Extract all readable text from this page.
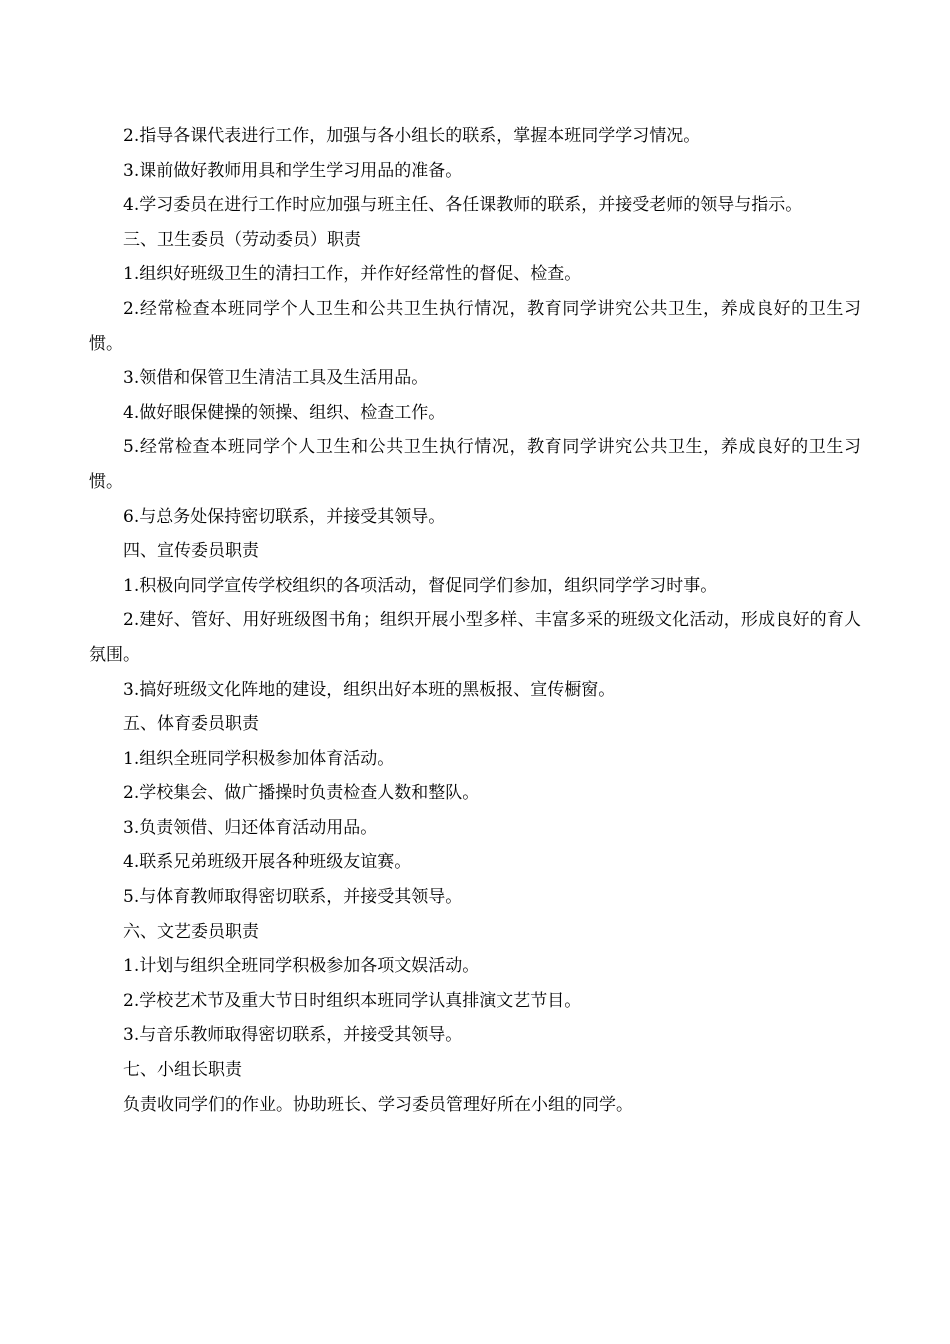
2.指导各课代表进行工作，加强与各小组长的联系，掌握本班同学学习情况。

3.课前做好教师用具和学生学习用品的准备。

4.学习委员在进行工作时应加强与班主任、各任课教师的联系，并接受老师的领导与指示。

三、卫生委员（劳动委员）职责

1.组织好班级卫生的清扫工作，并作好经常性的督促、检查。

2.经常检查本班同学个人卫生和公共卫生执行情况，教育同学讲究公共卫生，养成良好的卫生习惯。

3.领借和保管卫生清洁工具及生活用品。

4.做好眼保健操的领操、组织、检查工作。

5.经常检查本班同学个人卫生和公共卫生执行情况，教育同学讲究公共卫生，养成良好的卫生习惯。

6.与总务处保持密切联系，并接受其领导。

四、宣传委员职责

1.积极向同学宣传学校组织的各项活动，督促同学们参加，组织同学学习时事。

2.建好、管好、用好班级图书角；组织开展小型多样、丰富多采的班级文化活动，形成良好的育人氛围。

3.搞好班级文化阵地的建设，组织出好本班的黑板报、宣传橱窗。

五、体育委员职责

1.组织全班同学积极参加体育活动。

2.学校集会、做广播操时负责检查人数和整队。

3.负责领借、归还体育活动用品。

4.联系兄弟班级开展各种班级友谊赛。

5.与体育教师取得密切联系，并接受其领导。

六、文艺委员职责

1.计划与组织全班同学积极参加各项文娱活动。

2.学校艺术节及重大节日时组织本班同学认真排演文艺节目。

3.与音乐教师取得密切联系，并接受其领导。

七、小组长职责

负责收同学们的作业。协助班长、学习委员管理好所在小组的同学。
